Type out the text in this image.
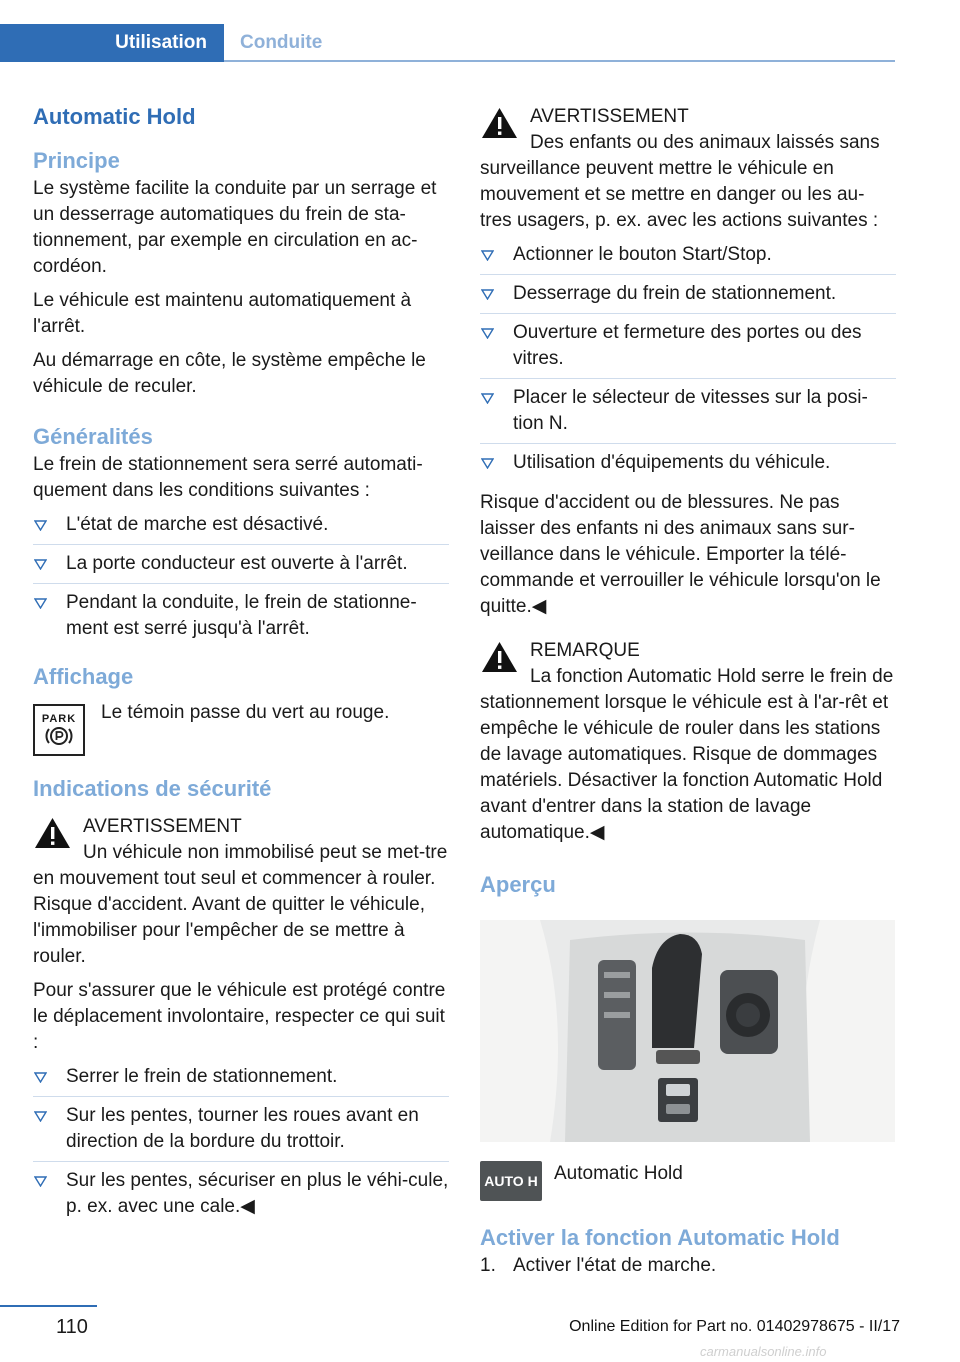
Utilisation Conduite
Automatic Hold
Principe

Le système facilite la conduite par un serrage et un desserrage automatiques du frein de sta-tionnement, par exemple en circulation en ac-cordéon.

Le véhicule est maintenu automatiquement à l'arrêt.

Au démarrage en côte, le système empêche le véhicule de reculer.

Généralités

Le frein de stationnement sera serré automati-quement dans les conditions suivantes :

L'état de marche est désactivé.
La porte conducteur est ouverte à l'arrêt.
Pendant la conduite, le frein de stationne-ment est serré jusqu'à l'arrêt.
Affichage
PARK Le témoin passe du vert au rouge.

Indications de sécurité
AVERTISSEMENT

Un véhicule non immobilisé peut se met-tre en mouvement tout seul et commencer à rouler. Risque d'accident. Avant de quitter le véhicule, l'immobiliser pour l'empêcher de se mettre à rouler.

Pour s'assurer que le véhicule est protégé contre le déplacement involontaire, respecter ce qui suit :

Serrer le frein de stationnement.
Sur les pentes, tourner les roues avant en direction de la bordure du trottoir.
Sur les pentes, sécuriser en plus le véhi-cule, p. ex. avec une cale.◀
AVERTISSEMENT

Des enfants ou des animaux laissés sans surveillance peuvent mettre le véhicule en mouvement et se mettre en danger ou les au-tres usagers, p. ex. avec les actions suivantes :

Actionner le bouton Start/Stop.
Desserrage du frein de stationnement.
Ouverture et fermeture des portes ou des vitres.
Placer le sélecteur de vitesses sur la posi-tion N.
Utilisation d'équipements du véhicule.

Risque d'accident ou de blessures. Ne pas laisser des enfants ni des animaux sans sur-veillance dans le véhicule. Emporter la télé-commande et verrouiller le véhicule lorsqu'on le quitte.◀

REMARQUE

La fonction Automatic Hold serre le frein de stationnement lorsque le véhicule est à l'ar-rêt et empêche le véhicule de rouler dans les stations de lavage automatiques. Risque de dommages matériels. Désactiver la fonction Automatic Hold avant d'entrer dans la station de lavage automatique.◀

Aperçu
AUTO H Automatic Hold

Activer la fonction Automatic Hold
1. Activer l'état de marche.
110	Online Edition for Part no. 01402978675 - II/17
carmanualsonline.info
